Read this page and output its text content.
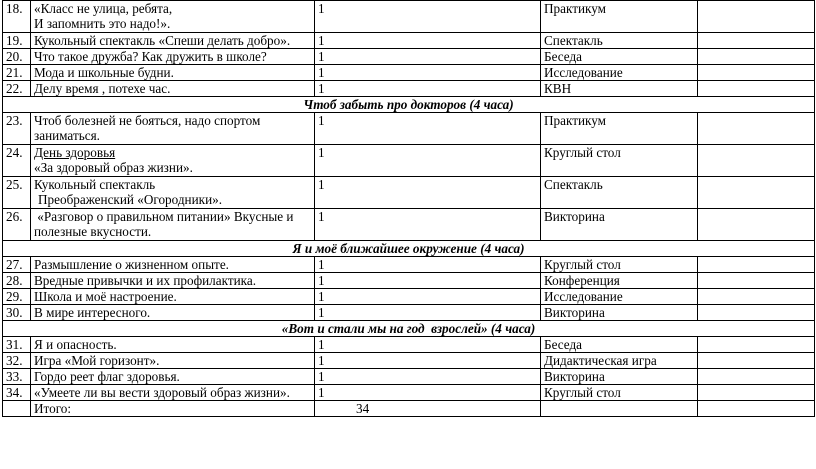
18.	«Класс не улица, ребята,
И запомнить это надо!».	1	Практикум	
19.	Кукольный спектакль «Спеши делать добро».	1	Спектакль	
20.	Что такое дружба? Как дружить в школе?	1	Беседа	
21.	Мода и школьные будни.	1	Исследование	
22.	Делу время , потехе час.	1	КВН	
Чтоб забыть про докторов (4 часа)				
23.	Чтоб болезней не бояться, надо спортом
заниматься.	1	Практикум	
24.	День здоровья
«За здоровый образ жизни».	1	Круглый стол	
25.	Кукольный спектакль
Преображенский «Огородники».	1	Спектакль	
26.	«Разговор о правильном питании» Вкусные и
полезные вкусности.	1	Викторина	
Я и моё ближайшее окружение (4 часа)				
27.	Размышление о жизненном опыте.	1	Круглый стол	
28.	Вредные привычки и их профилактика.	1	Конференция	
29.	Школа и моё настроение.	1	Исследование	
30.	В мире интересного.	1	Викторина	
«Вот и стали мы на год  взрослей» (4 часа)				
31.	Я и опасность.	1	Беседа	
32.	Игра «Мой горизонт».	1	Дидактическая игра	
33.	Гордо реет флаг здоровья.	1	Викторина	
34.	«Умеете ли вы вести здоровый образ жизни».	1	Круглый стол	
	Итого:	34		
